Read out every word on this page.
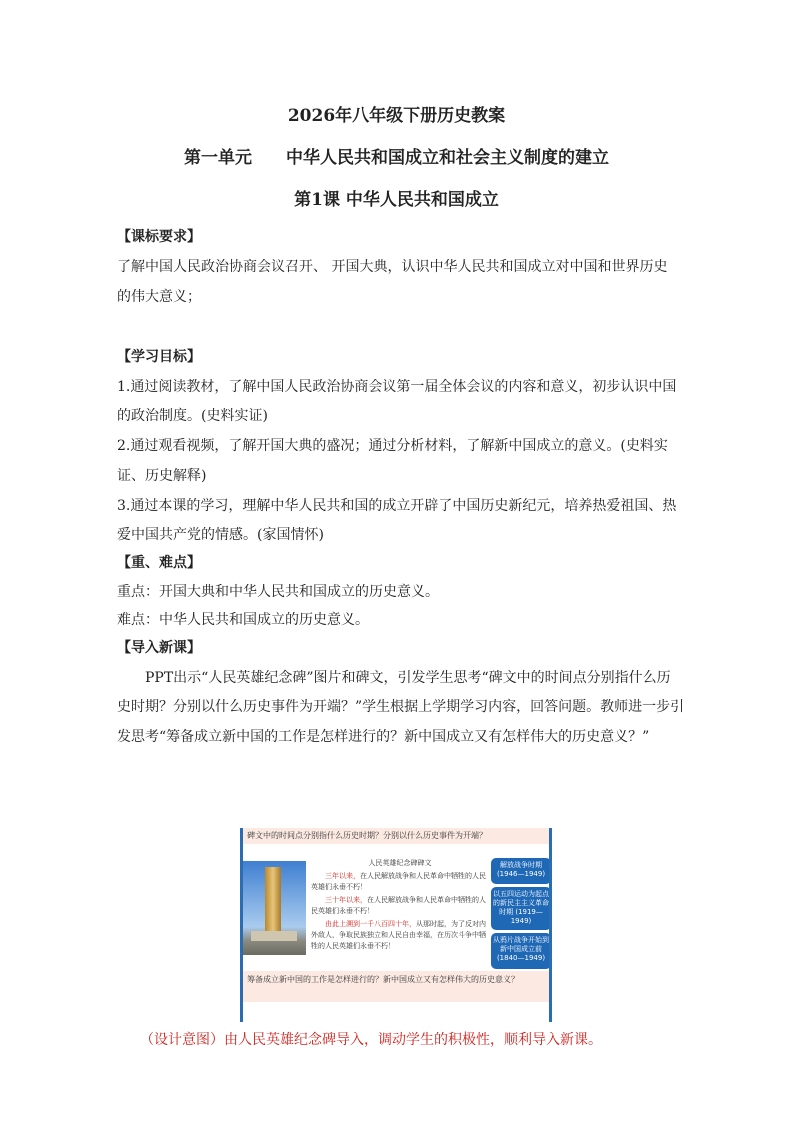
2026年八年级下册历史教案
第一单元　　中华人民共和国成立和社会主义制度的建立
第1课 中华人民共和国成立
【课标要求】
了解中国人民政治协商会议召开、 开国大典，认识中华人民共和国成立对中国和世界历史
的伟大意义；
【学习目标】
1.通过阅读教材，了解中国人民政治协商会议第一届全体会议的内容和意义，初步认识中国
的政治制度。(史料实证)
2.通过观看视频，了解开国大典的盛况；通过分析材料，了解新中国成立的意义。(史料实
证、历史解释)
3.通过本课的学习，理解中华人民共和国的成立开辟了中国历史新纪元，培养热爱祖国、热
爱中国共产党的情感。(家国情怀)
【重、难点】
重点：开国大典和中华人民共和国成立的历史意义。
难点：中华人民共和国成立的历史意义。
【导入新课】
PPT出示“人民英雄纪念碑”图片和碑文，引发学生思考“碑文中的时间点分别指什么历
史时期？分别以什么历史事件为开端？”学生根据上学期学习内容，回答问题。教师进一步引
发思考“筹备成立新中国的工作是怎样进行的？新中国成立又有怎样伟大的历史意义？”
碑文中的时间点分别指什么历史时期？分别以什么历史事件为开端？
人民英雄纪念碑碑文

三年以来，在人民解放战争和人民革命中牺牲的人民英雄们永垂不朽！

三十年以来，在人民解放战争和人民革命中牺牲的人民英雄们永垂不朽！

由此上溯到一千八百四十年，从那时起，为了反对内外敌人，争取民族独立和人民自由幸福，在历次斗争中牺牲的人民英雄们永垂不朽！

解放战争时期 (1946—1949)
以五四运动为起点的新民主主义革命时期 (1919—1949)
从鸦片战争开始到新中国成立前 (1840—1949)
筹备成立新中国的工作是怎样进行的？新中国成立又有怎样伟大的历史意义？
（设计意图）由人民英雄纪念碑导入，调动学生的积极性，顺利导入新课。
